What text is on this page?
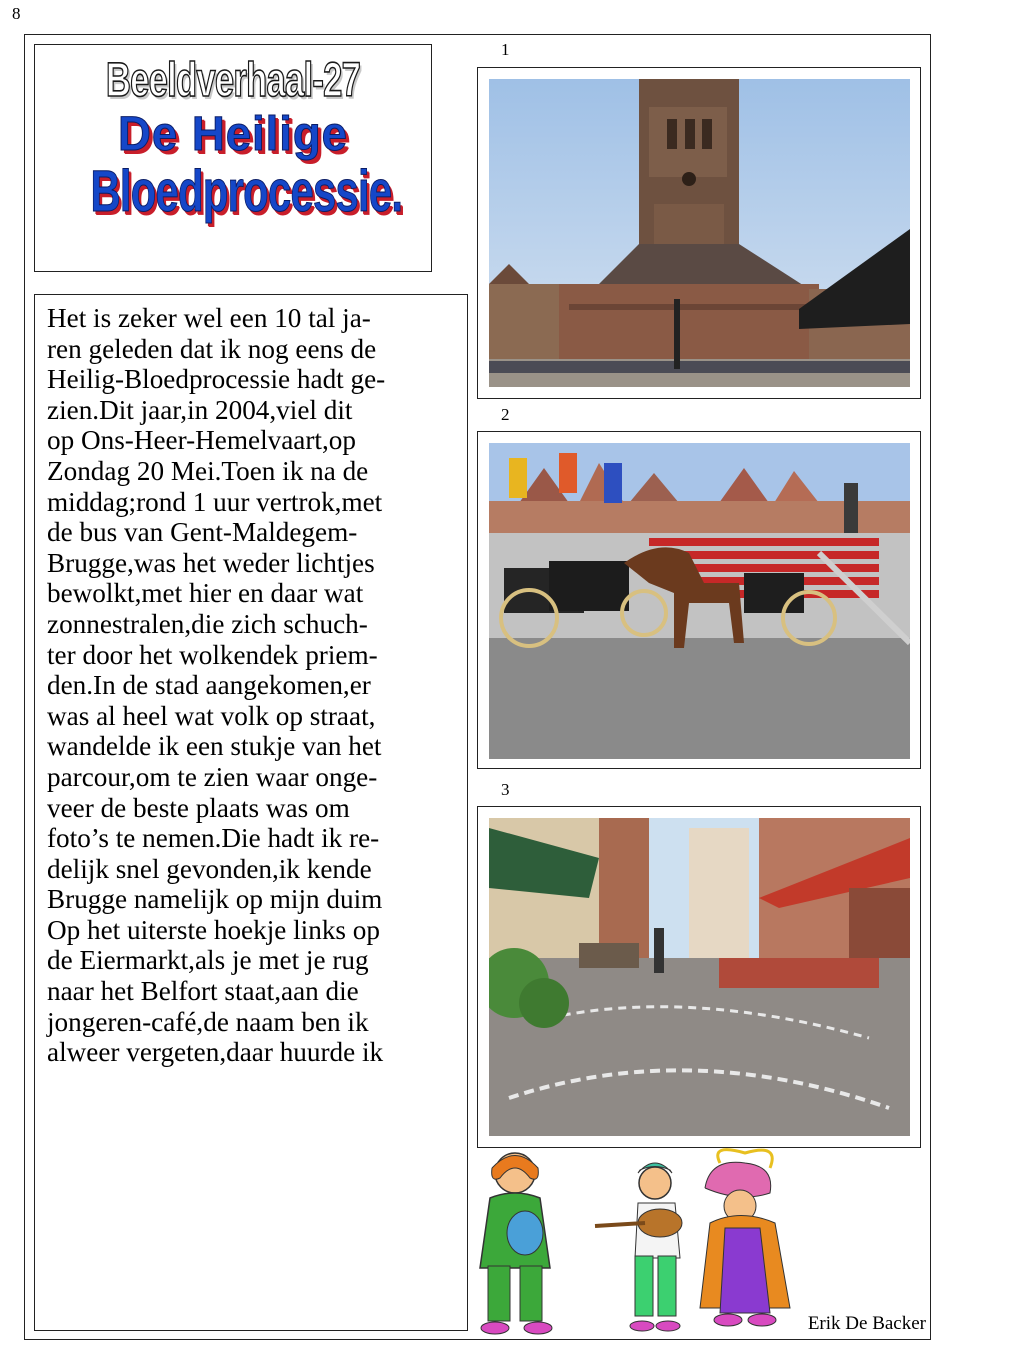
8
Beeldverhaal-27
De Heilige
Bloedprocessie.
Het is zeker wel een 10 tal ja-
ren geleden dat ik nog eens de
Heilig-Bloedprocessie hadt ge-
zien.Dit jaar,in 2004,viel dit
op Ons-Heer-Hemelvaart,op
Zondag 20 Mei.Toen ik na de
middag;rond 1 uur vertrok,met
de bus van Gent-Maldegem-
Brugge,was het weder lichtjes
bewolkt,met hier en daar wat
zonnestralen,die zich schuch-
ter door het wolkendek priem-
den.In de stad aangekomen,er
was al heel wat volk op straat,
wandelde ik een stukje van het
parcour,om te zien waar onge-
veer de beste plaats was om
foto’s te nemen.Die hadt ik re-
delijk snel gevonden,ik kende
Brugge namelijk op mijn duim
Op het uiterste hoekje links op
de Eiermarkt,als je met je rug
naar het Belfort staat,aan die
jongeren-café,de naam ben ik
alweer vergeten,daar huurde ik
1
2
3
Erik De Backer
